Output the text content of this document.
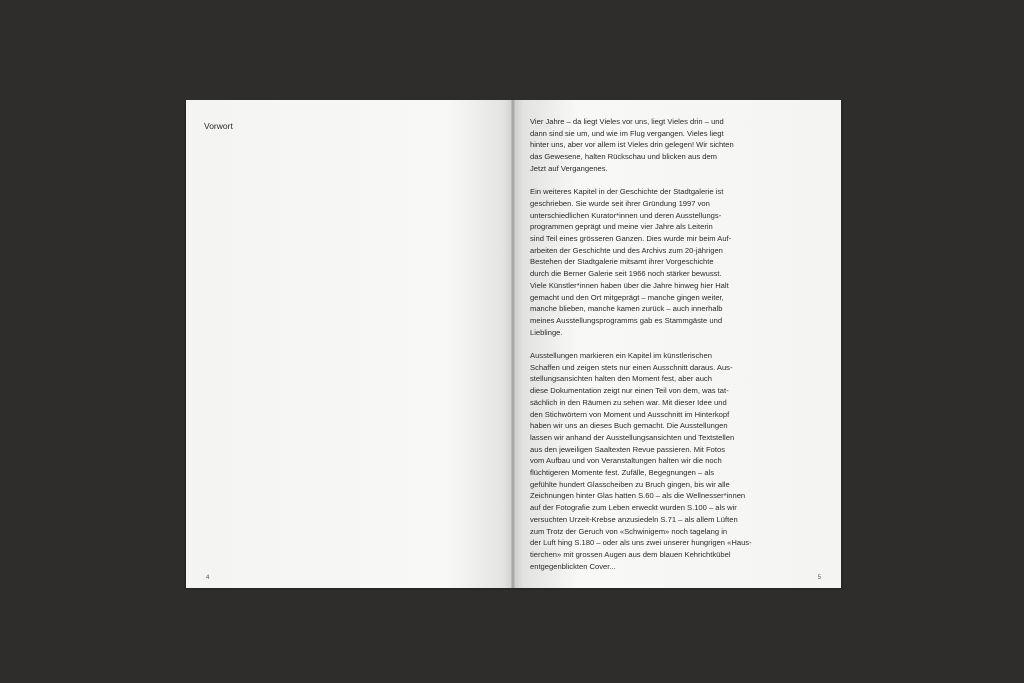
Vorwort
4

Vier Jahre – da liegt Vieles vor uns, liegt Vieles drin – und
dann sind sie um, und wie im Flug vergangen. Vieles liegt
hinter uns, aber vor allem ist Vieles drin gelegen! Wir sichten
das Gewesene, halten Rückschau und blicken aus dem
Jetzt auf Vergangenes.

Ein weiteres Kapitel in der Geschichte der Stadtgalerie ist
geschrieben. Sie wurde seit ihrer Gründung 1997 von
unterschiedlichen Kurator*innen und deren Ausstellungs-
programmen geprägt und meine vier Jahre als Leiterin
sind Teil eines grösseren Ganzen. Dies wurde mir beim Auf-
arbeiten der Geschichte und des Archivs zum 20-jährigen
Bestehen der Stadtgalerie mitsamt ihrer Vorgeschichte
durch die Berner Galerie seit 1966 noch stärker bewusst.
Viele Künstler*innen haben über die Jahre hinweg hier Halt
gemacht und den Ort mitgeprägt – manche gingen weiter,
manche blieben, manche kamen zurück – auch innerhalb
meines Ausstellungsprogramms gab es Stammgäste und
Lieblinge.

Ausstellungen markieren ein Kapitel im künstlerischen
Schaffen und zeigen stets nur einen Ausschnitt daraus. Aus-
stellungsansichten halten den Moment fest, aber auch
diese Dokumentation zeigt nur einen Teil von dem, was tat-
sächlich in den Räumen zu sehen war. Mit dieser Idee und
den Stichwörtern von Moment und Ausschnitt im Hinterkopf
haben wir uns an dieses Buch gemacht. Die Ausstellungen
lassen wir anhand der Ausstellungsansichten und Textstellen
aus den jeweiligen Saaltexten Revue passieren. Mit Fotos
vom Aufbau und von Veranstaltungen halten wir die noch
flüchtigeren Momente fest. Zufälle, Begegnungen – als
gefühlte hundert Glasscheiben zu Bruch gingen, bis wir alle
Zeichnungen hinter Glas hatten S.60 – als die Wellnesser*innen
auf der Fotografie zum Leben erweckt wurden S.100 – als wir
versuchten Urzeit-Krebse anzusiedeln S.71 – als allem Lüften
zum Trotz der Geruch von «Schwinigem» noch tagelang in
der Luft hing S.180 – oder als uns zwei unserer hungrigen «Haus-
tierchen» mit grossen Augen aus dem blauen Kehrichtkübel
entgegenblickten Cover...

5
